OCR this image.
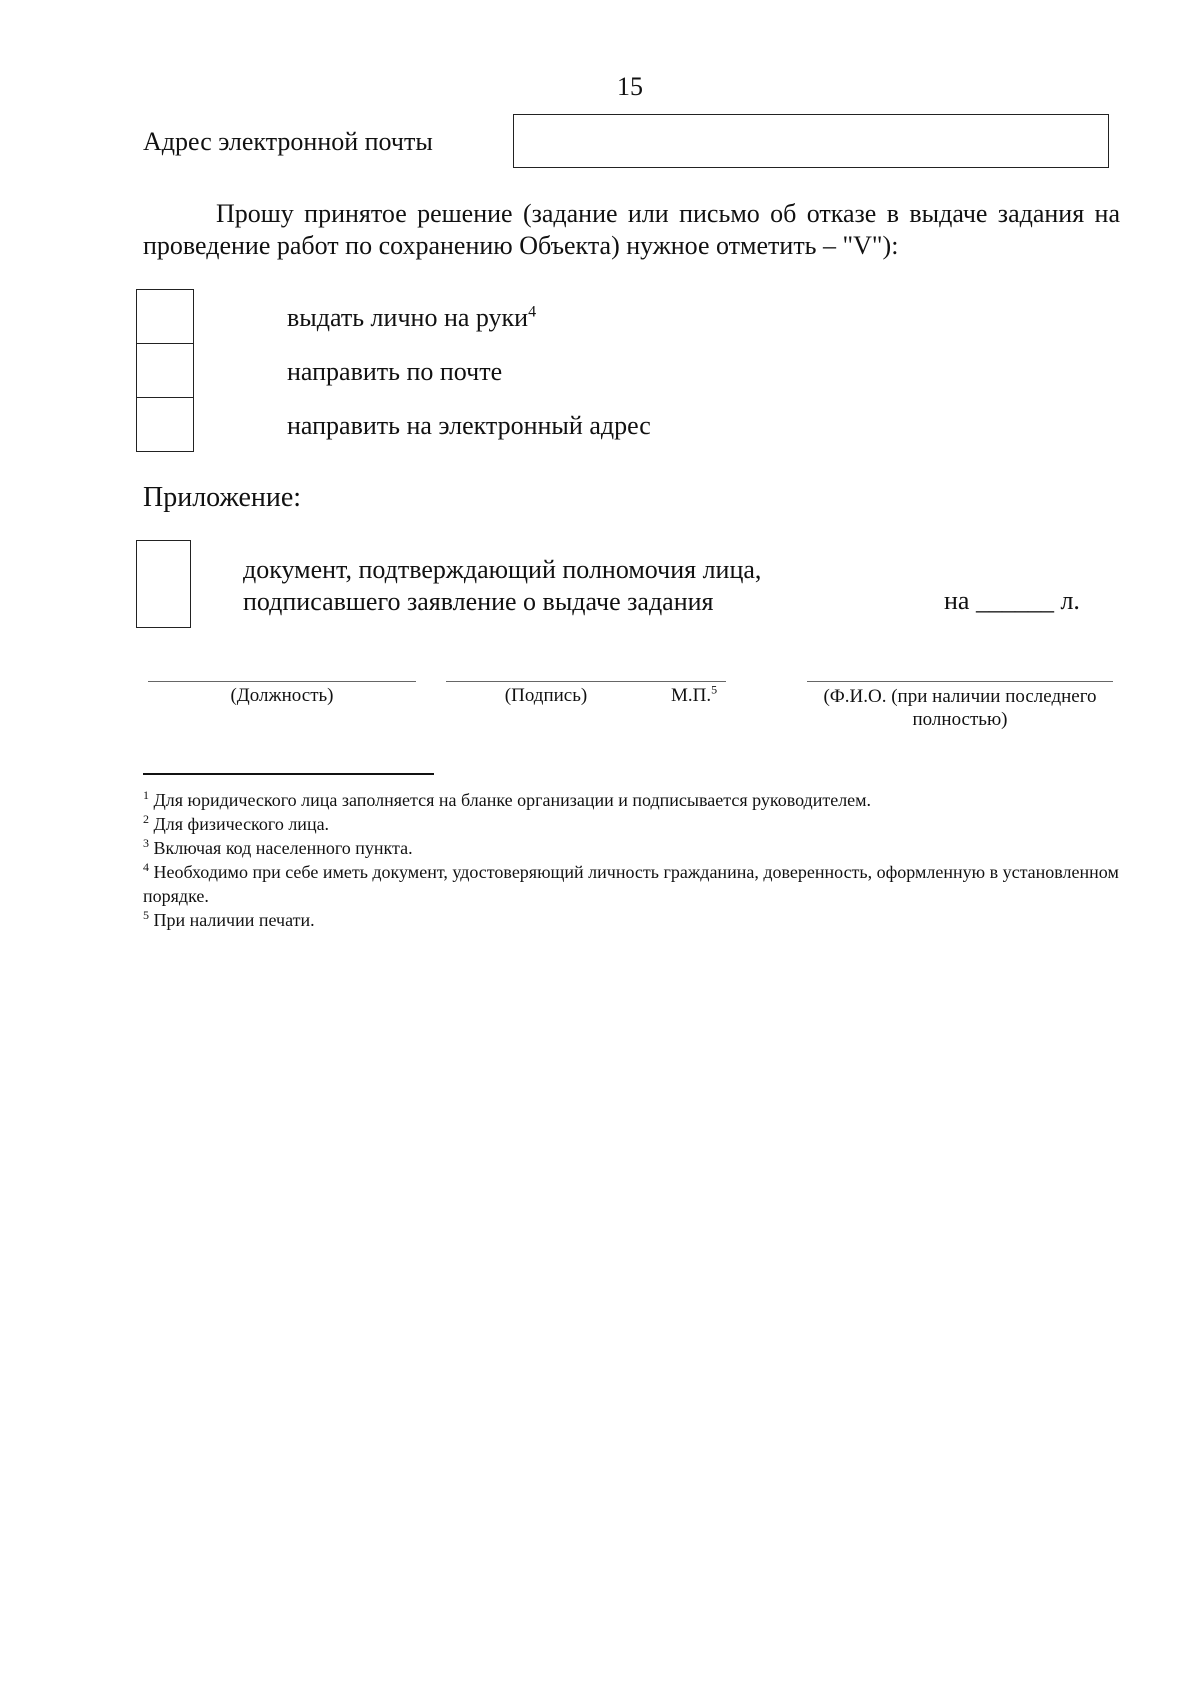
15
Адрес электронной почты
Прошу принятое решение (задание или письмо об отказе в выдаче задания на проведение работ по сохранению Объекта) нужное отметить – "V"):
выдать лично на руки$^4$
направить по почте
направить на электронный адрес
Приложение:
документ, подтверждающий полномочия лица,
подписавшего заявление о выдаче задания	на ______ л.
(Должность)	(Подпись)	М.П.$^5$	(Ф.И.О. (при наличии последнего
полностью)

$^1$ Для юридического лица заполняется на бланке организации и подписывается руководителем.

$^2$ Для физического лица.

$^3$ Включая код населенного пункта.

$^4$ Необходимо при себе иметь документ, удостоверяющий личность гражданина, доверенность, оформленную в установленном порядке.

$^5$ При наличии печати.
